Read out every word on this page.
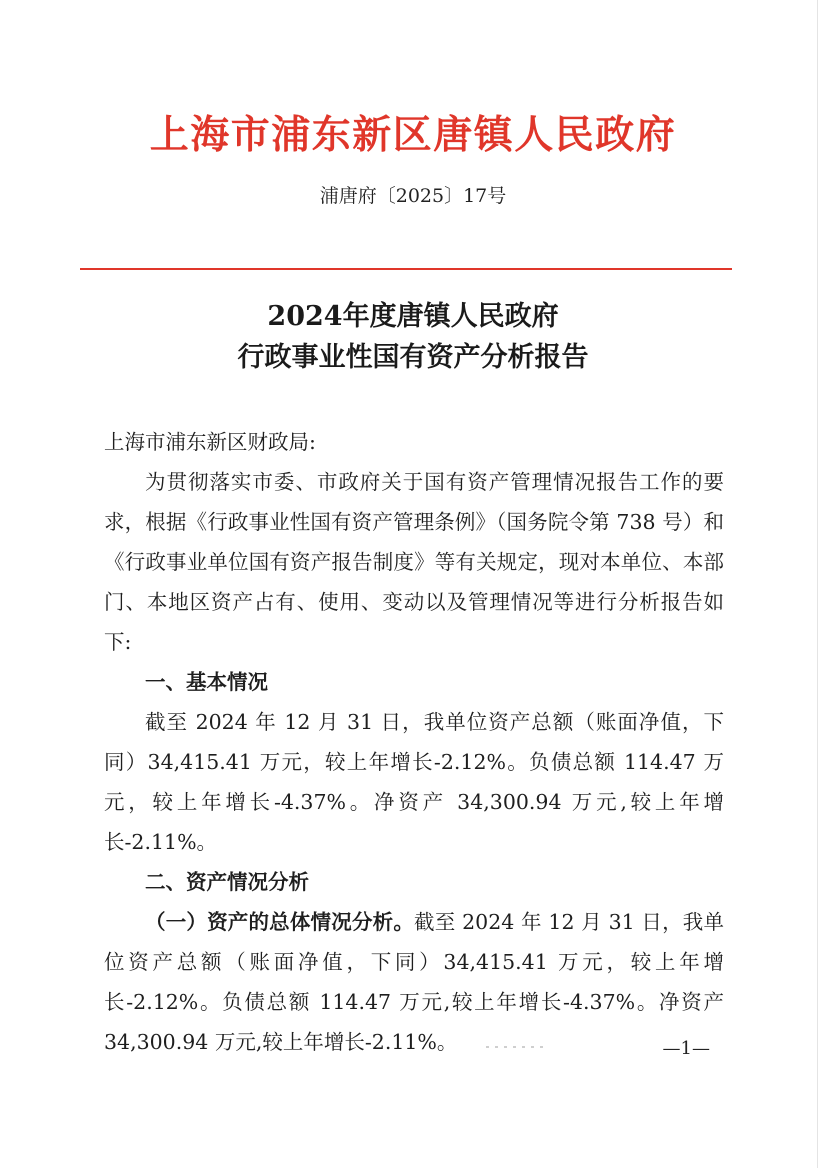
上海市浦东新区唐镇人民政府
浦唐府〔2025〕17号
2024年度唐镇人民政府
行政事业性国有资产分析报告

上海市浦东新区财政局:

为贯彻落实市委、市政府关于国有资产管理情况报告工作的要求，根据《行政事业性国有资产管理条例》（国务院令第 738 号）和《行政事业单位国有资产报告制度》等有关规定，现对本单位、本部门、本地区资产占有、使用、变动以及管理情况等进行分析报告如下:

一、基本情况

截至 2024 年 12 月 31 日，我单位资产总额（账面净值，下同）34,415.41 万元，较上年增长-2.12%。负债总额 114.47 万元，较上年增长-4.37%。净资产 34,300.94 万元,较上年增长-2.11%。

二、资产情况分析

（一）资产的总体情况分析。截至 2024 年 12 月 31 日，我单位资产总额（账面净值，下同）34,415.41 万元，较上年增长-2.12%。负债总额 114.47 万元,较上年增长-4.37%。净资产 34,300.94 万元,较上年增长-2.11%。	—1—
